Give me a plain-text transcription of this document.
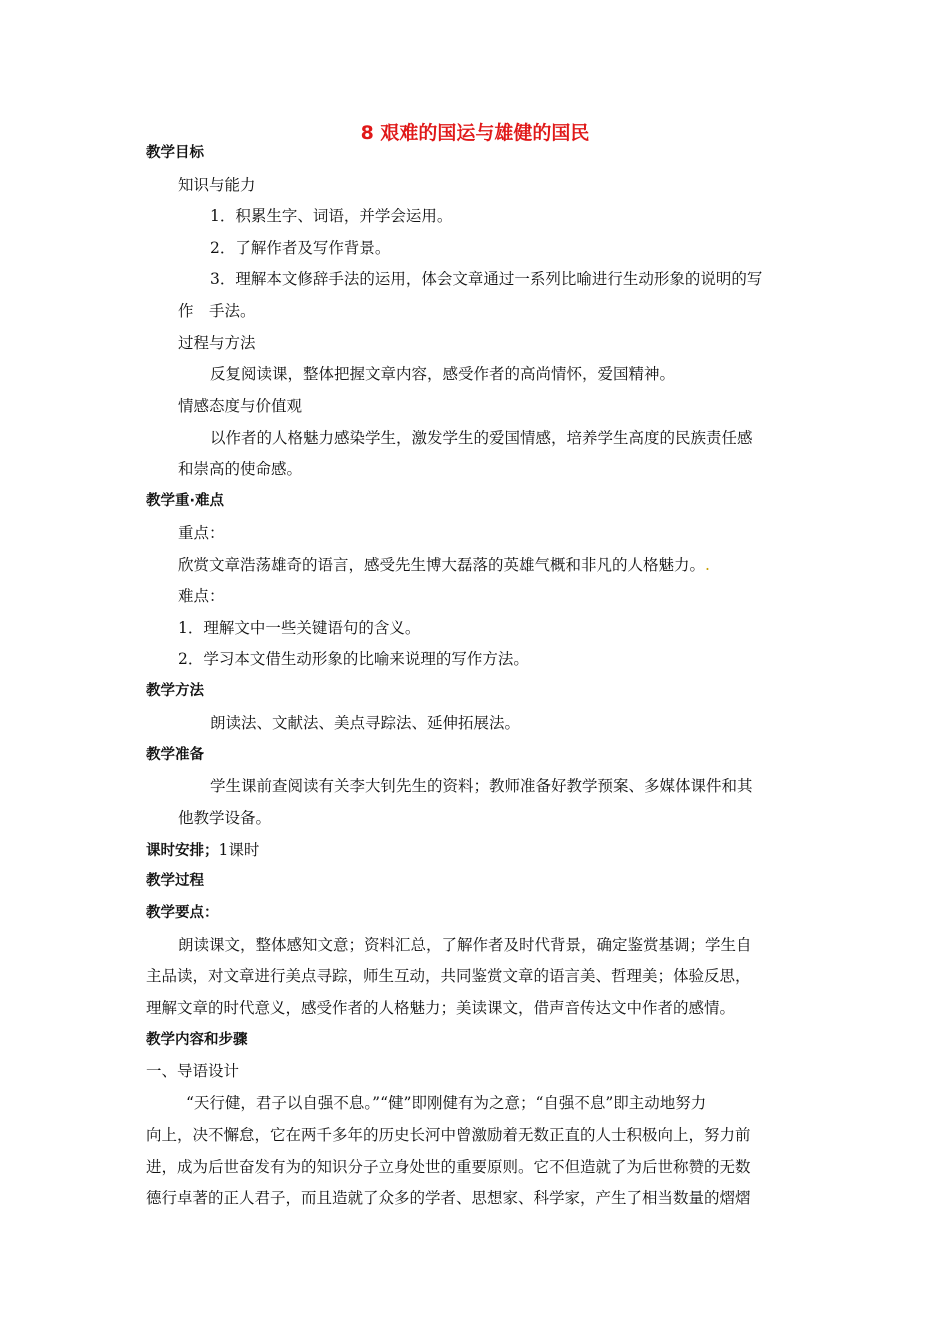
8 艰难的国运与雄健的国民
教学目标
知识与能力
1．积累生字、词语，并学会运用。
2．了解作者及写作背景。
3．理解本文修辞手法的运用，体会文章通过一系列比喻进行生动形象的说明的写
作　手法。
过程与方法
反复阅读课，整体把握文章内容，感受作者的高尚情怀，爱国精神。
情感态度与价值观
以作者的人格魅力感染学生，激发学生的爱国情感，培养学生高度的民族责任感
和崇高的使命感。
教学重·难点
重点：
欣赏文章浩荡雄奇的语言，感受先生博大磊落的英雄气概和非凡的人格魅力。.
难点：
1．理解文中一些关键语句的含义。
2．学习本文借生动形象的比喻来说理的写作方法。
教学方法
朗读法、文献法、美点寻踪法、延伸拓展法。
教学准备
学生课前查阅读有关李大钊先生的资料；教师准备好教学预案、多媒体课件和其
他教学设备。
课时安排；1课时
教学过程
教学要点：
朗读课文，整体感知文意；资料汇总，了解作者及时代背景，确定鉴赏基调；学生自
主品读，对文章进行美点寻踪，师生互动，共同鉴赏文章的语言美、哲理美；体验反思，
理解文章的时代意义，感受作者的人格魅力；美读课文，借声音传达文中作者的感情。
教学内容和步骤
一、导语设计
“天行健，君子以自强不息。”“健”即刚健有为之意；“自强不息”即主动地努力
向上，决不懈怠，它在两千多年的历史长河中曾激励着无数正直的人士积极向上，努力前
进，成为后世奋发有为的知识分子立身处世的重要原则。它不但造就了为后世称赞的无数
德行卓著的正人君子，而且造就了众多的学者、思想家、科学家，产生了相当数量的熠熠
